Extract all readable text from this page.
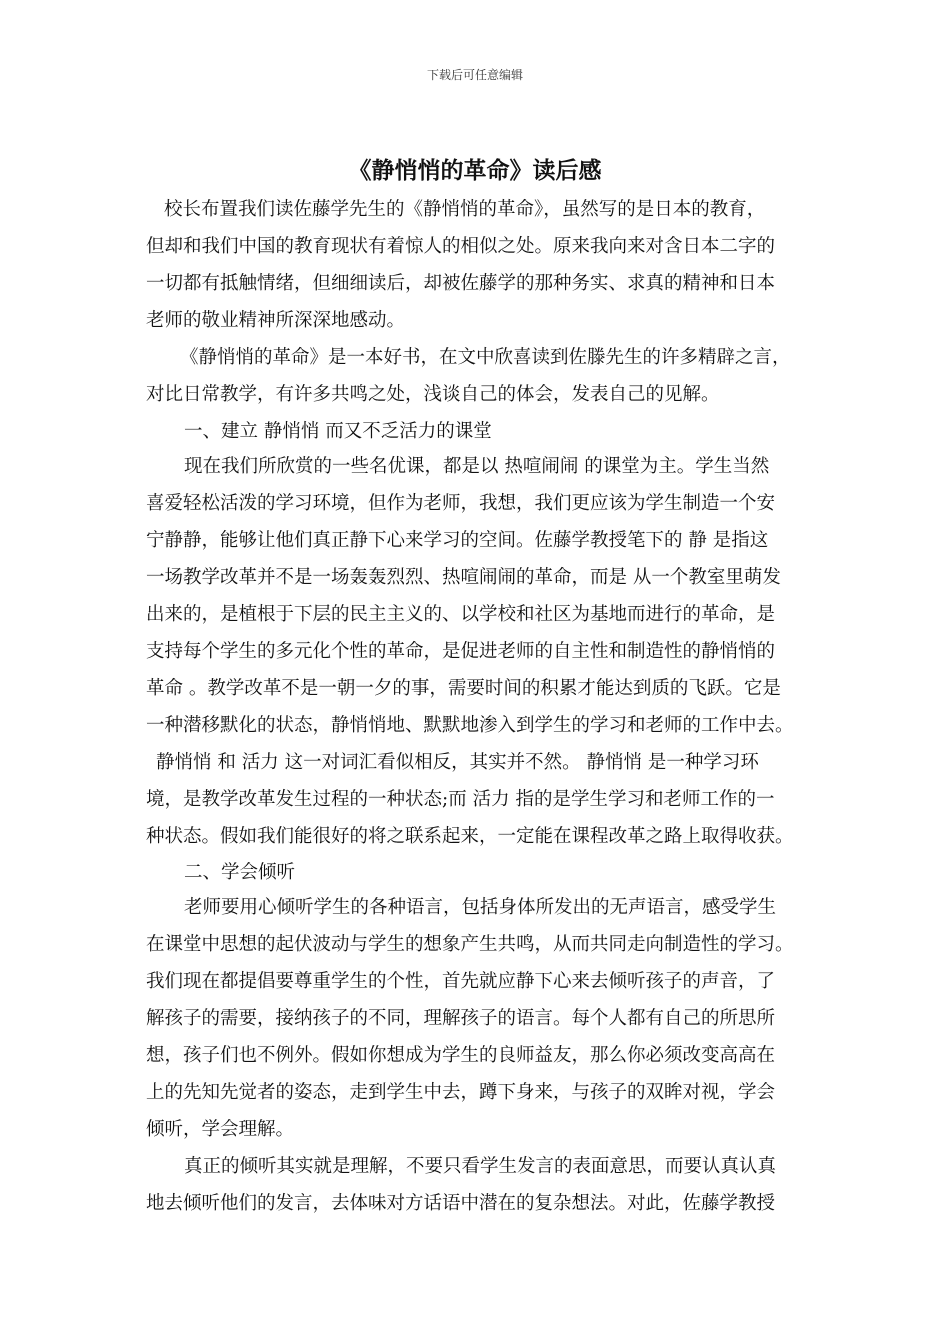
下载后可任意编辑
《静悄悄的革命》读后感
校长布置我们读佐藤学先生的《静悄悄的革命》，虽然写的是日本的教育，
但却和我们中国的教育现状有着惊人的相似之处。原来我向来对含日本二字的
一切都有抵触情绪，但细细读后，却被佐藤学的那种务实、求真的精神和日本
老师的敬业精神所深深地感动。
《静悄悄的革命》是一本好书，在文中欣喜读到佐滕先生的许多精辟之言，
对比日常教学，有许多共鸣之处，浅谈自己的体会，发表自己的见解。
一、建立 静悄悄 而又不乏活力的课堂
现在我们所欣赏的一些名优课，都是以 热喧闹闹 的课堂为主。学生当然
喜爱轻松活泼的学习环境，但作为老师，我想，我们更应该为学生制造一个安
宁静静，能够让他们真正静下心来学习的空间。佐藤学教授笔下的 静 是指这
一场教学改革并不是一场轰轰烈烈、热喧闹闹的革命，而是 从一个教室里萌发
出来的，是植根于下层的民主主义的、以学校和社区为基地而进行的革命，是
支持每个学生的多元化个性的革命，是促进老师的自主性和制造性的静悄悄的
革命 。教学改革不是一朝一夕的事，需要时间的积累才能达到质的飞跃。它是
一种潜移默化的状态，静悄悄地、默默地渗入到学生的学习和老师的工作中去。
静悄悄 和 活力 这一对词汇看似相反，其实并不然。 静悄悄 是一种学习环
境，是教学改革发生过程的一种状态;而 活力 指的是学生学习和老师工作的一
种状态。假如我们能很好的将之联系起来，一定能在课程改革之路上取得收获。
二、学会倾听
老师要用心倾听学生的各种语言，包括身体所发出的无声语言，感受学生
在课堂中思想的起伏波动与学生的想象产生共鸣，从而共同走向制造性的学习。
我们现在都提倡要尊重学生的个性，首先就应静下心来去倾听孩子的声音，了
解孩子的需要，接纳孩子的不同，理解孩子的语言。每个人都有自己的所思所
想，孩子们也不例外。假如你想成为学生的良师益友，那么你必须改变高高在
上的先知先觉者的姿态，走到学生中去，蹲下身来，与孩子的双眸对视，学会
倾听，学会理解。
真正的倾听其实就是理解，不要只看学生发言的表面意思，而要认真认真
地去倾听他们的发言，去体味对方话语中潜在的复杂想法。对此，佐藤学教授
